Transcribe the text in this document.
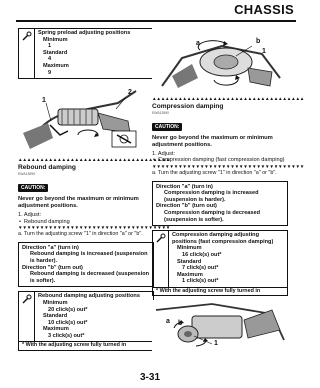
CHASSIS
Spring preload adjusting positions
Minimum
1
Standard
4
Maximum
9
1
2
▲▲▲▲▲▲▲▲▲▲▲▲▲▲▲▲▲▲▲▲▲▲▲▲▲▲▲▲▲▲▲▲▲▲▲
Rebound damping
EWA13590
CAUTION:
Never go beyond the maximum or minimum adjustment positions.
1. Adjust:
• Rebound damping
▼▼▼▼▼▼▼▼▼▼▼▼▼▼▼▼▼▼▼▼▼▼▼▼▼▼▼▼▼▼▼▼▼▼▼
a. Turn the adjusting screw "1" in direction "a" or "b".
Direction "a" (turn in)
Rebound damping is increased (suspension is harder).
Direction "b" (turn out)
Rebound damping is decreased (suspension is softer).
Rebound damping adjusting positions
Minimum
20 click(s) out*
Standard
10 click(s) out*
Maximum
3 click(s) out*
* With the adjusting screw fully turned in
a	b
1
▲▲▲▲▲▲▲▲▲▲▲▲▲▲▲▲▲▲▲▲▲▲▲▲▲▲▲▲▲▲▲▲▲▲▲
Compression damping
EWA13590
CAUTION:
Never go beyond the maximum or minimum adjustment positions.
1. Adjust:
• Compression damping (fast compression damping)
▼▼▼▼▼▼▼▼▼▼▼▼▼▼▼▼▼▼▼▼▼▼▼▼▼▼▼▼▼▼▼▼▼▼▼
a. Turn the adjusting screw "1" in direction "a" or "b".
Direction "a" (turn in)
Compression damping is increased (suspension is harder).
Direction "b" (turn out)
Compression damping is decreased (suspension is softer).
Compression damping adjusting positions (fast compression damping)
Minimum
16 click(s) out*
Standard
7 click(s) out*
Maximum
1 click(s) out*
* With the adjusting screw fully turned in
a b
1
3-31
